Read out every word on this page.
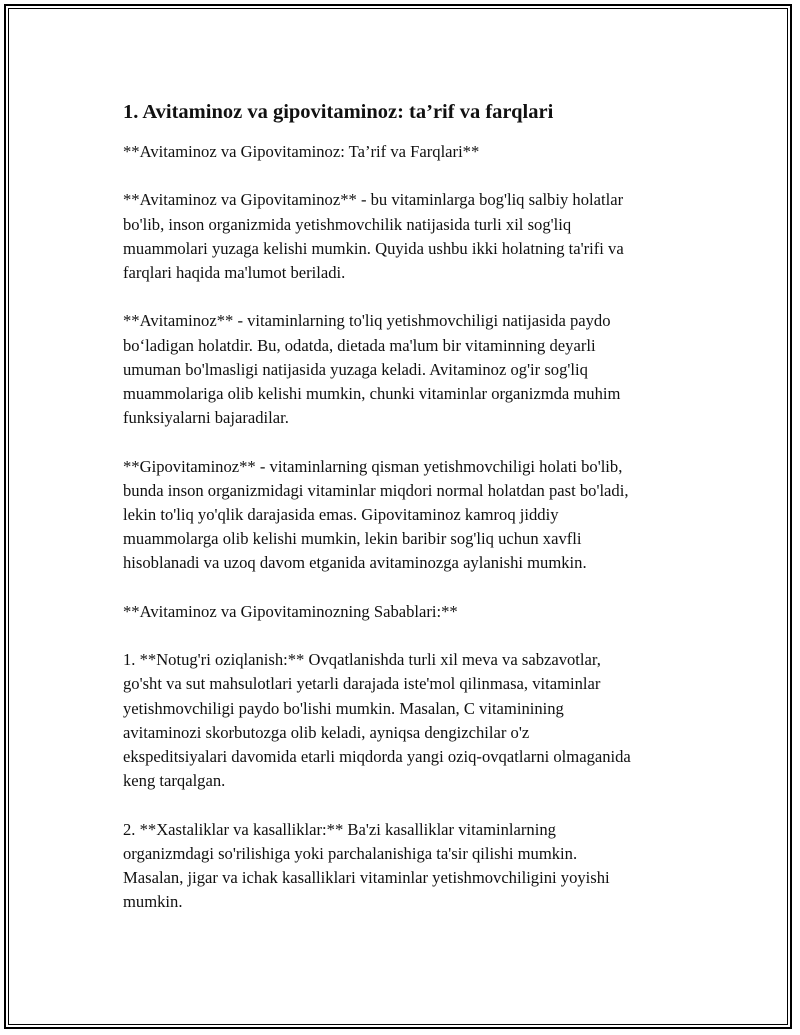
1. Avitaminoz va gipovitaminoz: ta’rif va farqlari
**Avitaminoz va Gipovitaminoz: Ta’rif va Farqlari**
**Avitaminoz va Gipovitaminoz** - bu vitaminlarga bog'liq salbiy holatlar
bo'lib, inson organizmida yetishmovchilik natijasida turli xil sog'liq
muammolari yuzaga kelishi mumkin. Quyida ushbu ikki holatning ta'rifi va
farqlari haqida ma'lumot beriladi.
**Avitaminoz** - vitaminlarning to'liq yetishmovchiligi natijasida paydo
bo‘ladigan holatdir. Bu, odatda, dietada ma'lum bir vitaminning deyarli
umuman bo'lmasligi natijasida yuzaga keladi. Avitaminoz og'ir sog'liq
muammolariga olib kelishi mumkin, chunki vitaminlar organizmda muhim
funksiyalarni bajaradilar.
**Gipovitaminoz** - vitaminlarning qisman yetishmovchiligi holati bo'lib,
bunda inson organizmidagi vitaminlar miqdori normal holatdan past bo'ladi,
lekin to'liq yo'qlik darajasida emas. Gipovitaminoz kamroq jiddiy
muammolarga olib kelishi mumkin, lekin baribir sog'liq uchun xavfli
hisoblanadi va uzoq davom etganida avitaminozga aylanishi mumkin.
**Avitaminoz va Gipovitaminozning Sabablari:**
1. **Notug'ri oziqlanish:** Ovqatlanishda turli xil meva va sabzavotlar,
go'sht va sut mahsulotlari yetarli darajada iste'mol qilinmasa, vitaminlar
yetishmovchiligi paydo bo'lishi mumkin. Masalan, C vitaminining
avitaminozi skorbutozga olib keladi, ayniqsa dengizchilar o'z
ekspeditsiyalari davomida etarli miqdorda yangi oziq-ovqatlarni olmaganida
keng tarqalgan.
2. **Xastaliklar va kasalliklar:** Ba'zi kasalliklar vitaminlarning
organizmdagi so'rilishiga yoki parchalanishiga ta'sir qilishi mumkin.
Masalan, jigar va ichak kasalliklari vitaminlar yetishmovchiligini yoyishi
mumkin.
